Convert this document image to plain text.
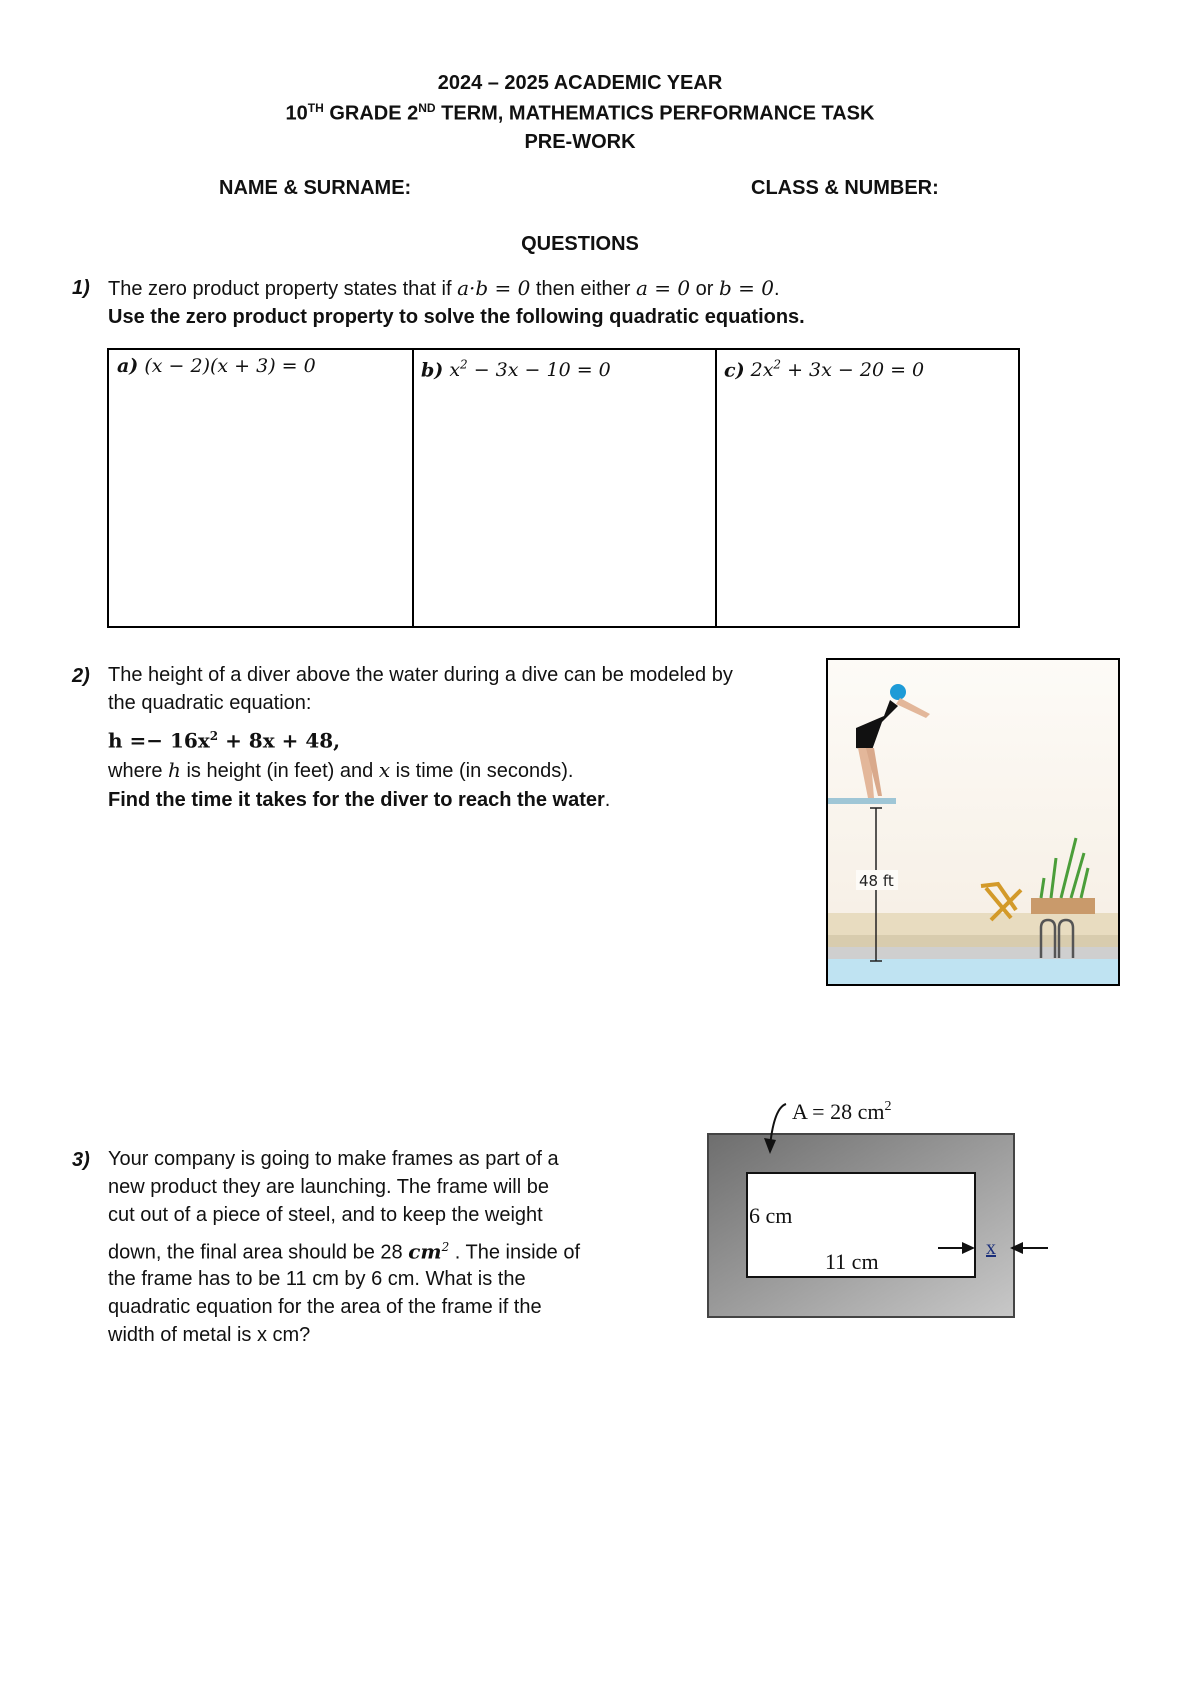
2024 – 2025 ACADEMIC YEAR
10TH GRADE 2ND TERM, MATHEMATICS PERFORMANCE TASK
PRE-WORK
NAME & SURNAME:	CLASS & NUMBER:
QUESTIONS
1) The zero product property states that if a·b = 0 then either a = 0 or b = 0.
Use the zero product property to solve the following quadratic equations.
a) (x − 2)(x + 3) = 0	b) $x^2 - 3x - 10 = 0$	c) $2x^2 + 3x - 20 = 0$
2) The height of a diver above the water during a dive can be modeled by
the quadratic equation:
$h =- 16x^2 + 8x + 48$,
where h is height (in feet) and x is time (in seconds).
Find the time it takes for the diver to reach the water.
48 ft
3) Your company is going to make frames as part of a
new product they are launching. The frame will be
cut out of a piece of steel, and to keep the weight
down, the final area should be 28 $cm^2$ . The inside of
the frame has to be 11 cm by 6 cm. What is the
quadratic equation for the area of the frame if the
width of metal is x cm?
A = 28 $cm^2$
6 cm
11 cm
x
